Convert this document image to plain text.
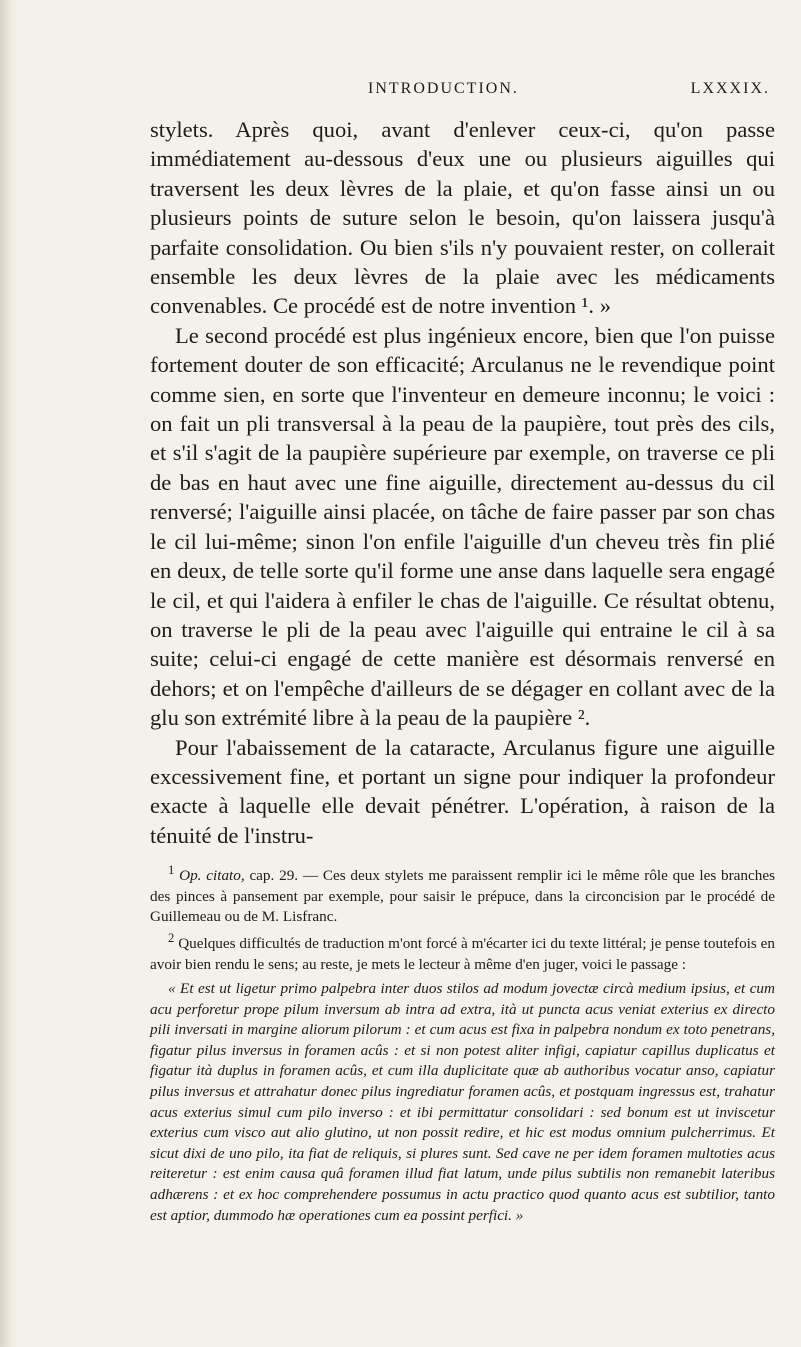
INTRODUCTION.	LXXXIX.

stylets. Après quoi, avant d'enlever ceux-ci, qu'on passe immédiatement au-dessous d'eux une ou plusieurs aiguilles qui traversent les deux lèvres de la plaie, et qu'on fasse ainsi un ou plusieurs points de suture selon le besoin, qu'on laissera jusqu'à parfaite consolidation. Ou bien s'ils n'y pouvaient rester, on collerait ensemble les deux lèvres de la plaie avec les médicaments convenables. Ce procédé est de notre invention ¹. »

Le second procédé est plus ingénieux encore, bien que l'on puisse fortement douter de son efficacité; Arculanus ne le revendique point comme sien, en sorte que l'inventeur en demeure inconnu; le voici : on fait un pli transversal à la peau de la paupière, tout près des cils, et s'il s'agit de la paupière supérieure par exemple, on traverse ce pli de bas en haut avec une fine aiguille, directement au-dessus du cil renversé; l'aiguille ainsi placée, on tâche de faire passer par son chas le cil lui-même; sinon l'on enfile l'aiguille d'un cheveu très fin plié en deux, de telle sorte qu'il forme une anse dans laquelle sera engagé le cil, et qui l'aidera à enfiler le chas de l'aiguille. Ce résultat obtenu, on traverse le pli de la peau avec l'aiguille qui entraine le cil à sa suite; celui-ci engagé de cette manière est désormais renversé en dehors; et on l'empêche d'ailleurs de se dégager en collant avec de la glu son extrémité libre à la peau de la paupière ².

Pour l'abaissement de la cataracte, Arculanus figure une aiguille excessivement fine, et portant un signe pour indiquer la profondeur exacte à laquelle elle devait pénétrer. L'opération, à raison de la ténuité de l'instru-

$^1$ Op. citato, cap. 29. — Ces deux stylets me paraissent remplir ici le même rôle que les branches des pinces à pansement par exemple, pour saisir le prépuce, dans la circoncision par le procédé de Guillemeau ou de M. Lisfranc.

$^2$ Quelques difficultés de traduction m'ont forcé à m'écarter ici du texte littéral; je pense toutefois en avoir bien rendu le sens; au reste, je mets le lecteur à même d'en juger, voici le passage :

« Et est ut ligetur primo palpebra inter duos stilos ad modum jovectæ circà medium ipsius, et cum acu perforetur prope pilum inversum ab intra ad extra, ità ut puncta acus veniat exterius ex directo pili inversati in margine aliorum pilorum : et cum acus est fixa in palpebra nondum ex toto penetrans, figatur pilus inversus in foramen acûs : et si non potest aliter infigi, capiatur capillus duplicatus et figatur ità duplus in foramen acûs, et cum illa duplicitate quæ ab authoribus vocatur anso, capiatur pilus inversus et attrahatur donec pilus ingrediatur foramen acûs, et postquam ingressus est, trahatur acus exterius simul cum pilo inverso : et ibi permittatur consolidari : sed bonum est ut inviscetur exterius cum visco aut alio glutino, ut non possit redire, et hic est modus omnium pulcherrimus. Et sicut dixi de uno pilo, ita fiat de reliquis, si plures sunt. Sed cave ne per idem foramen multoties acus reiteretur : est enim causa quâ foramen illud fiat latum, unde pilus subtilis non remanebit lateribus adhærens : et ex hoc comprehendere possumus in actu practico quod quanto acus est subtilior, tanto est aptior, dummodo hæ operationes cum ea possint perfici. »
